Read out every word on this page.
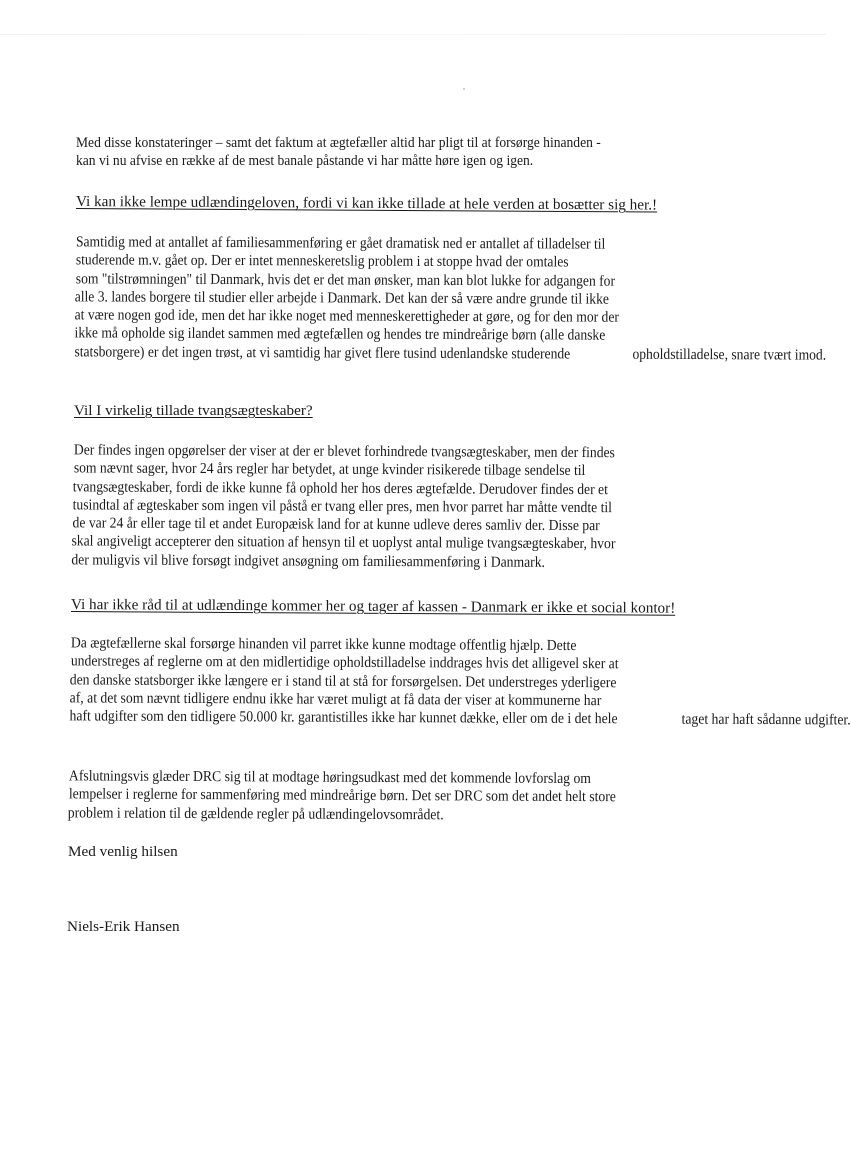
Med disse konstateringer – samt det faktum at ægtefæller altid har pligt til at forsørge hinanden - kan vi nu afvise en række af de mest banale påstande vi har måtte høre igen og igen.
Vi kan ikke lempe udlændingeloven, fordi vi kan ikke tillade at hele verden at bosætter sig her.!
Samtidig med at antallet af familiesammenføring er gået dramatisk ned er antallet af tilladelser til studerende m.v. gået op. Der er intet menneskeretslig problem i at stoppe hvad der omtales som "tilstrømningen" til Danmark, hvis det er det man ønsker, man kan blot lukke for adgangen for alle 3. landes borgere til studier eller arbejde i Danmark. Det kan der så være andre grunde til ikke at være nogen god ide, men det har ikke noget med menneskerettigheder at gøre, og for den mor der ikke må opholde sig ilandet sammen med ægtefællen og hendes tre mindreårige børn (alle danske statsborgere) er det ingen trøst, at vi samtidig har givet flere tusind udenlandske studerende	opholdstilladelse, snare tvært imod.
Vil I virkelig tillade tvangsægteskaber?
Der findes ingen opgørelser der viser at der er blevet forhindrede tvangsægteskaber, men der findes som nævnt sager, hvor 24 års regler har betydet, at unge kvinder risikerede tilbage sendelse til tvangsægteskaber, fordi de ikke kunne få ophold her hos deres ægtefælde. Derudover findes der et tusindtal af ægteskaber som ingen vil påstå er tvang eller pres, men hvor parret har måtte vendte til de var 24 år eller tage til et andet Europæisk land for at kunne udleve deres samliv der. Disse par skal angiveligt accepterer den situation af hensyn til et uoplyst antal mulige tvangsægteskaber, hvor der muligvis vil blive forsøgt indgivet ansøgning om familiesammenføring i Danmark.
Vi har ikke råd til at udlændinge kommer her og tager af kassen - Danmark er ikke et social kontor!
Da ægtefællerne skal forsørge hinanden vil parret ikke kunne modtage offentlig hjælp. Dette understreges af reglerne om at den midlertidige opholdstilladelse inddrages hvis det alligevel sker at den danske statsborger ikke længere er i stand til at stå for forsørgelsen. Det understreges yderligere af, at det som nævnt tidligere endnu ikke har været muligt at få data der viser at kommunerne har haft udgifter som den tidligere 50.000 kr. garantistilles ikke har kunnet dække, eller om de i det hele	taget har haft sådanne udgifter.
Afslutningsvis glæder DRC sig til at modtage høringsudkast med det kommende lovforslag om lempelser i reglerne for sammenføring med mindreårige børn. Det ser DRC som det andet helt store problem i relation til de gældende regler på udlændingelovsområdet.
Med venlig hilsen
Niels-Erik Hansen
